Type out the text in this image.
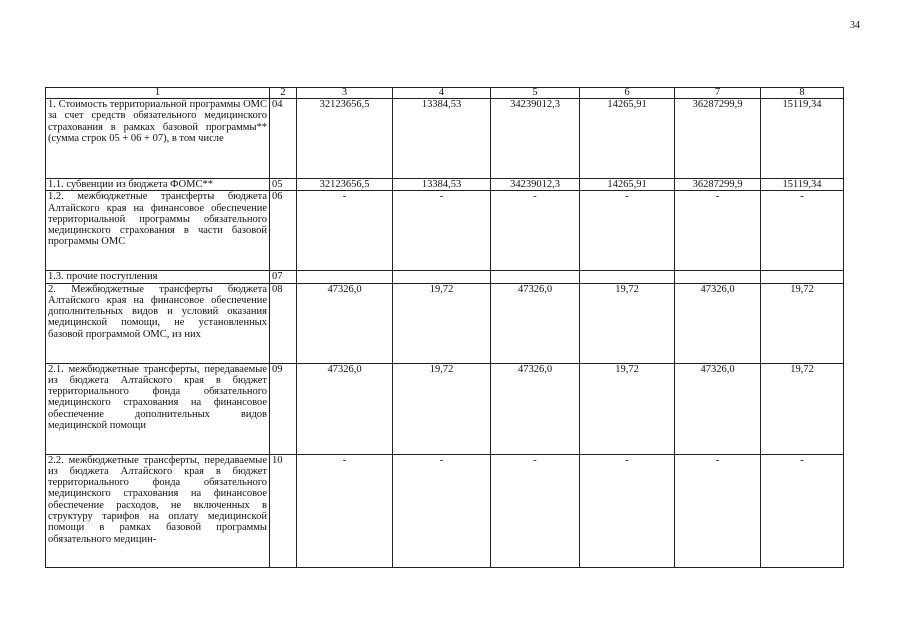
34
1	2	3	4	5	6	7	8
1. Стоимость территориальной программы ОМС за счет средств обязательного медицинского страхования в рамках базовой программы** (сумма строк 05 + 06 + 07), в том числе	04	32123656,5	13384,53	34239012,3	14265,91	36287299,9	15119,34
1.1. субвенции из бюджета ФОМС**	05	32123656,5	13384,53	34239012,3	14265,91	36287299,9	15119,34
1.2. межбюджетные трансферты бюджета Алтайского края на финансовое обеспечение территориальной программы обязательного медицинского страхования в части базовой программы ОМС	06	-	-	-	-	-	-
1.3. прочие поступления	07						
2. Межбюджетные трансферты бюджета Алтайского края на финансовое обеспечение дополнительных видов и условий оказания медицинской помощи, не установленных базовой программой ОМС, из них	08	47326,0	19,72	47326,0	19,72	47326,0	19,72
2.1. межбюджетные трансферты, передаваемые из бюджета Алтайского края в бюджет территориального фонда обязательного медицинского страхования на финансовое обеспечение дополнительных видов медицинской помощи	09	47326,0	19,72	47326,0	19,72	47326,0	19,72
2.2. межбюджетные трансферты, передаваемые из бюджета Алтайского края в бюджет территориального фонда обязательного медицинского страхования на финансовое обеспечение расходов, не включенных в структуру тарифов на оплату медицинской помощи в рамках базовой программы обязательного медицин-	10	-	-	-	-	-	-
